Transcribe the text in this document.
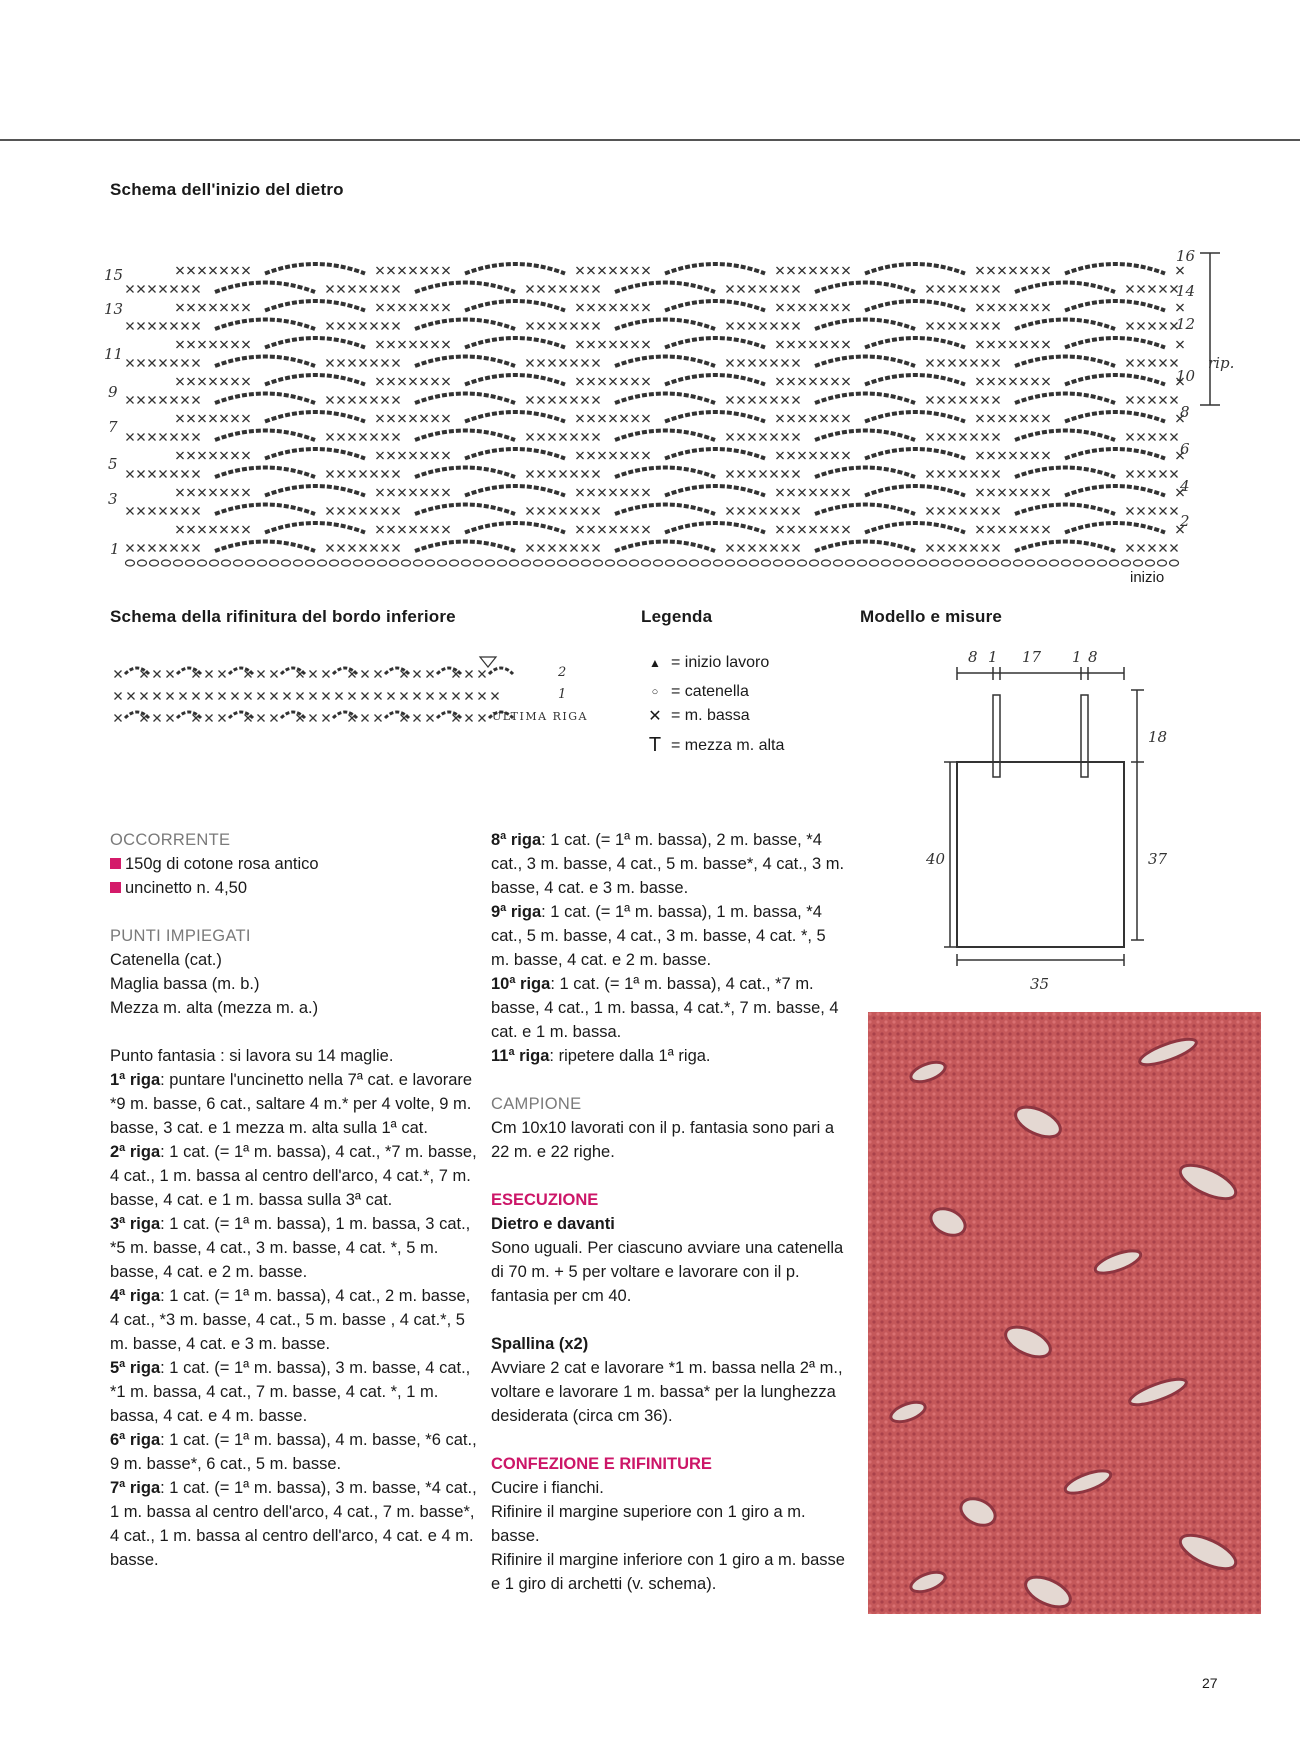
Schema dell'inizio del dietro
Schema della rifinitura del bordo inferiore	Legenda	Modello e misure
15
13
11
9
7
5
3
1
16
14
12
10
8
6
4
2
rip.
inizio
2
1
ULTIMA RIGA
▲ = inizio lavoro
○ = catenella
✕ = m. bassa
T = mezza m. alta
8 1 17 1 8
18
40	37
35

OCCORRENTE

150g di cotone rosa antico

uncinetto n. 4,50

PUNTI IMPIEGATI

Catenella (cat.)

Maglia bassa (m. b.)

Mezza m. alta (mezza m. a.)

Punto fantasia : si lavora su 14 maglie.

1ª riga: puntare l'uncinetto nella 7ª cat. e lavorare *9 m. basse, 6 cat., saltare 4 m.* per 4 volte, 9 m. basse, 3 cat. e 1 mezza m. alta sulla 1ª cat.

2ª riga: 1 cat. (= 1ª m. bassa), 4 cat., *7 m. basse, 4 cat., 1 m. bassa al centro dell'arco, 4 cat.*, 7 m. basse, 4 cat. e 1 m. bassa sulla 3ª cat.

3ª riga: 1 cat. (= 1ª m. bassa), 1 m. bassa, 3 cat., *5 m. basse, 4 cat., 3 m. basse, 4 cat. *, 5 m. basse, 4 cat. e 2 m. basse.

4ª riga: 1 cat. (= 1ª m. bassa), 4 cat., 2 m. basse, 4 cat., *3 m. basse, 4 cat., 5 m. basse , 4 cat.*, 5 m. basse, 4 cat. e 3 m. basse.

5ª riga: 1 cat. (= 1ª m. bassa), 3 m. basse, 4 cat., *1 m. bassa, 4 cat., 7 m. basse, 4 cat. *, 1 m. bassa, 4 cat. e 4 m. basse.

6ª riga: 1 cat. (= 1ª m. bassa), 4 m. basse, *6 cat., 9 m. basse*, 6 cat., 5 m. basse.

7ª riga: 1 cat. (= 1ª m. bassa), 3 m. basse, *4 cat., 1 m. bassa al centro dell'arco, 4 cat., 7 m. basse*, 4 cat., 1 m. bassa al centro dell'arco, 4 cat. e 4 m. basse.

8ª riga: 1 cat. (= 1ª m. bassa), 2 m. basse, *4 cat., 3 m. basse, 4 cat., 5 m. basse*, 4 cat., 3 m. basse, 4 cat. e 3 m. basse.

9ª riga: 1 cat. (= 1ª m. bassa), 1 m. bassa, *4 cat., 5 m. basse, 4 cat., 3 m. basse, 4 cat. *, 5 m. basse, 4 cat. e 2 m. basse.

10ª riga: 1 cat. (= 1ª m. bassa), 4 cat., *7 m. basse, 4 cat., 1 m. bassa, 4 cat.*, 7 m. basse, 4 cat. e 1 m. bassa.

11ª riga: ripetere dalla 1ª riga.

CAMPIONE

Cm 10x10 lavorati con il p. fantasia sono pari a 22 m. e 22 righe.

ESECUZIONE

Dietro e davanti

Sono uguali. Per ciascuno avviare una catenella di 70 m. + 5 per voltare e lavorare con il p. fantasia per cm 40.

Spallina (x2)

Avviare 2 cat e lavorare *1 m. bassa nella 2ª m., voltare e lavorare 1 m. bassa* per la lunghezza desiderata (circa cm 36).

CONFEZIONE E RIFINITURE

Cucire i fianchi.

Rifinire il margine superiore con 1 giro a m. basse.

Rifinire il margine inferiore con 1 giro a m. basse e 1 giro di archetti (v. schema).

27
